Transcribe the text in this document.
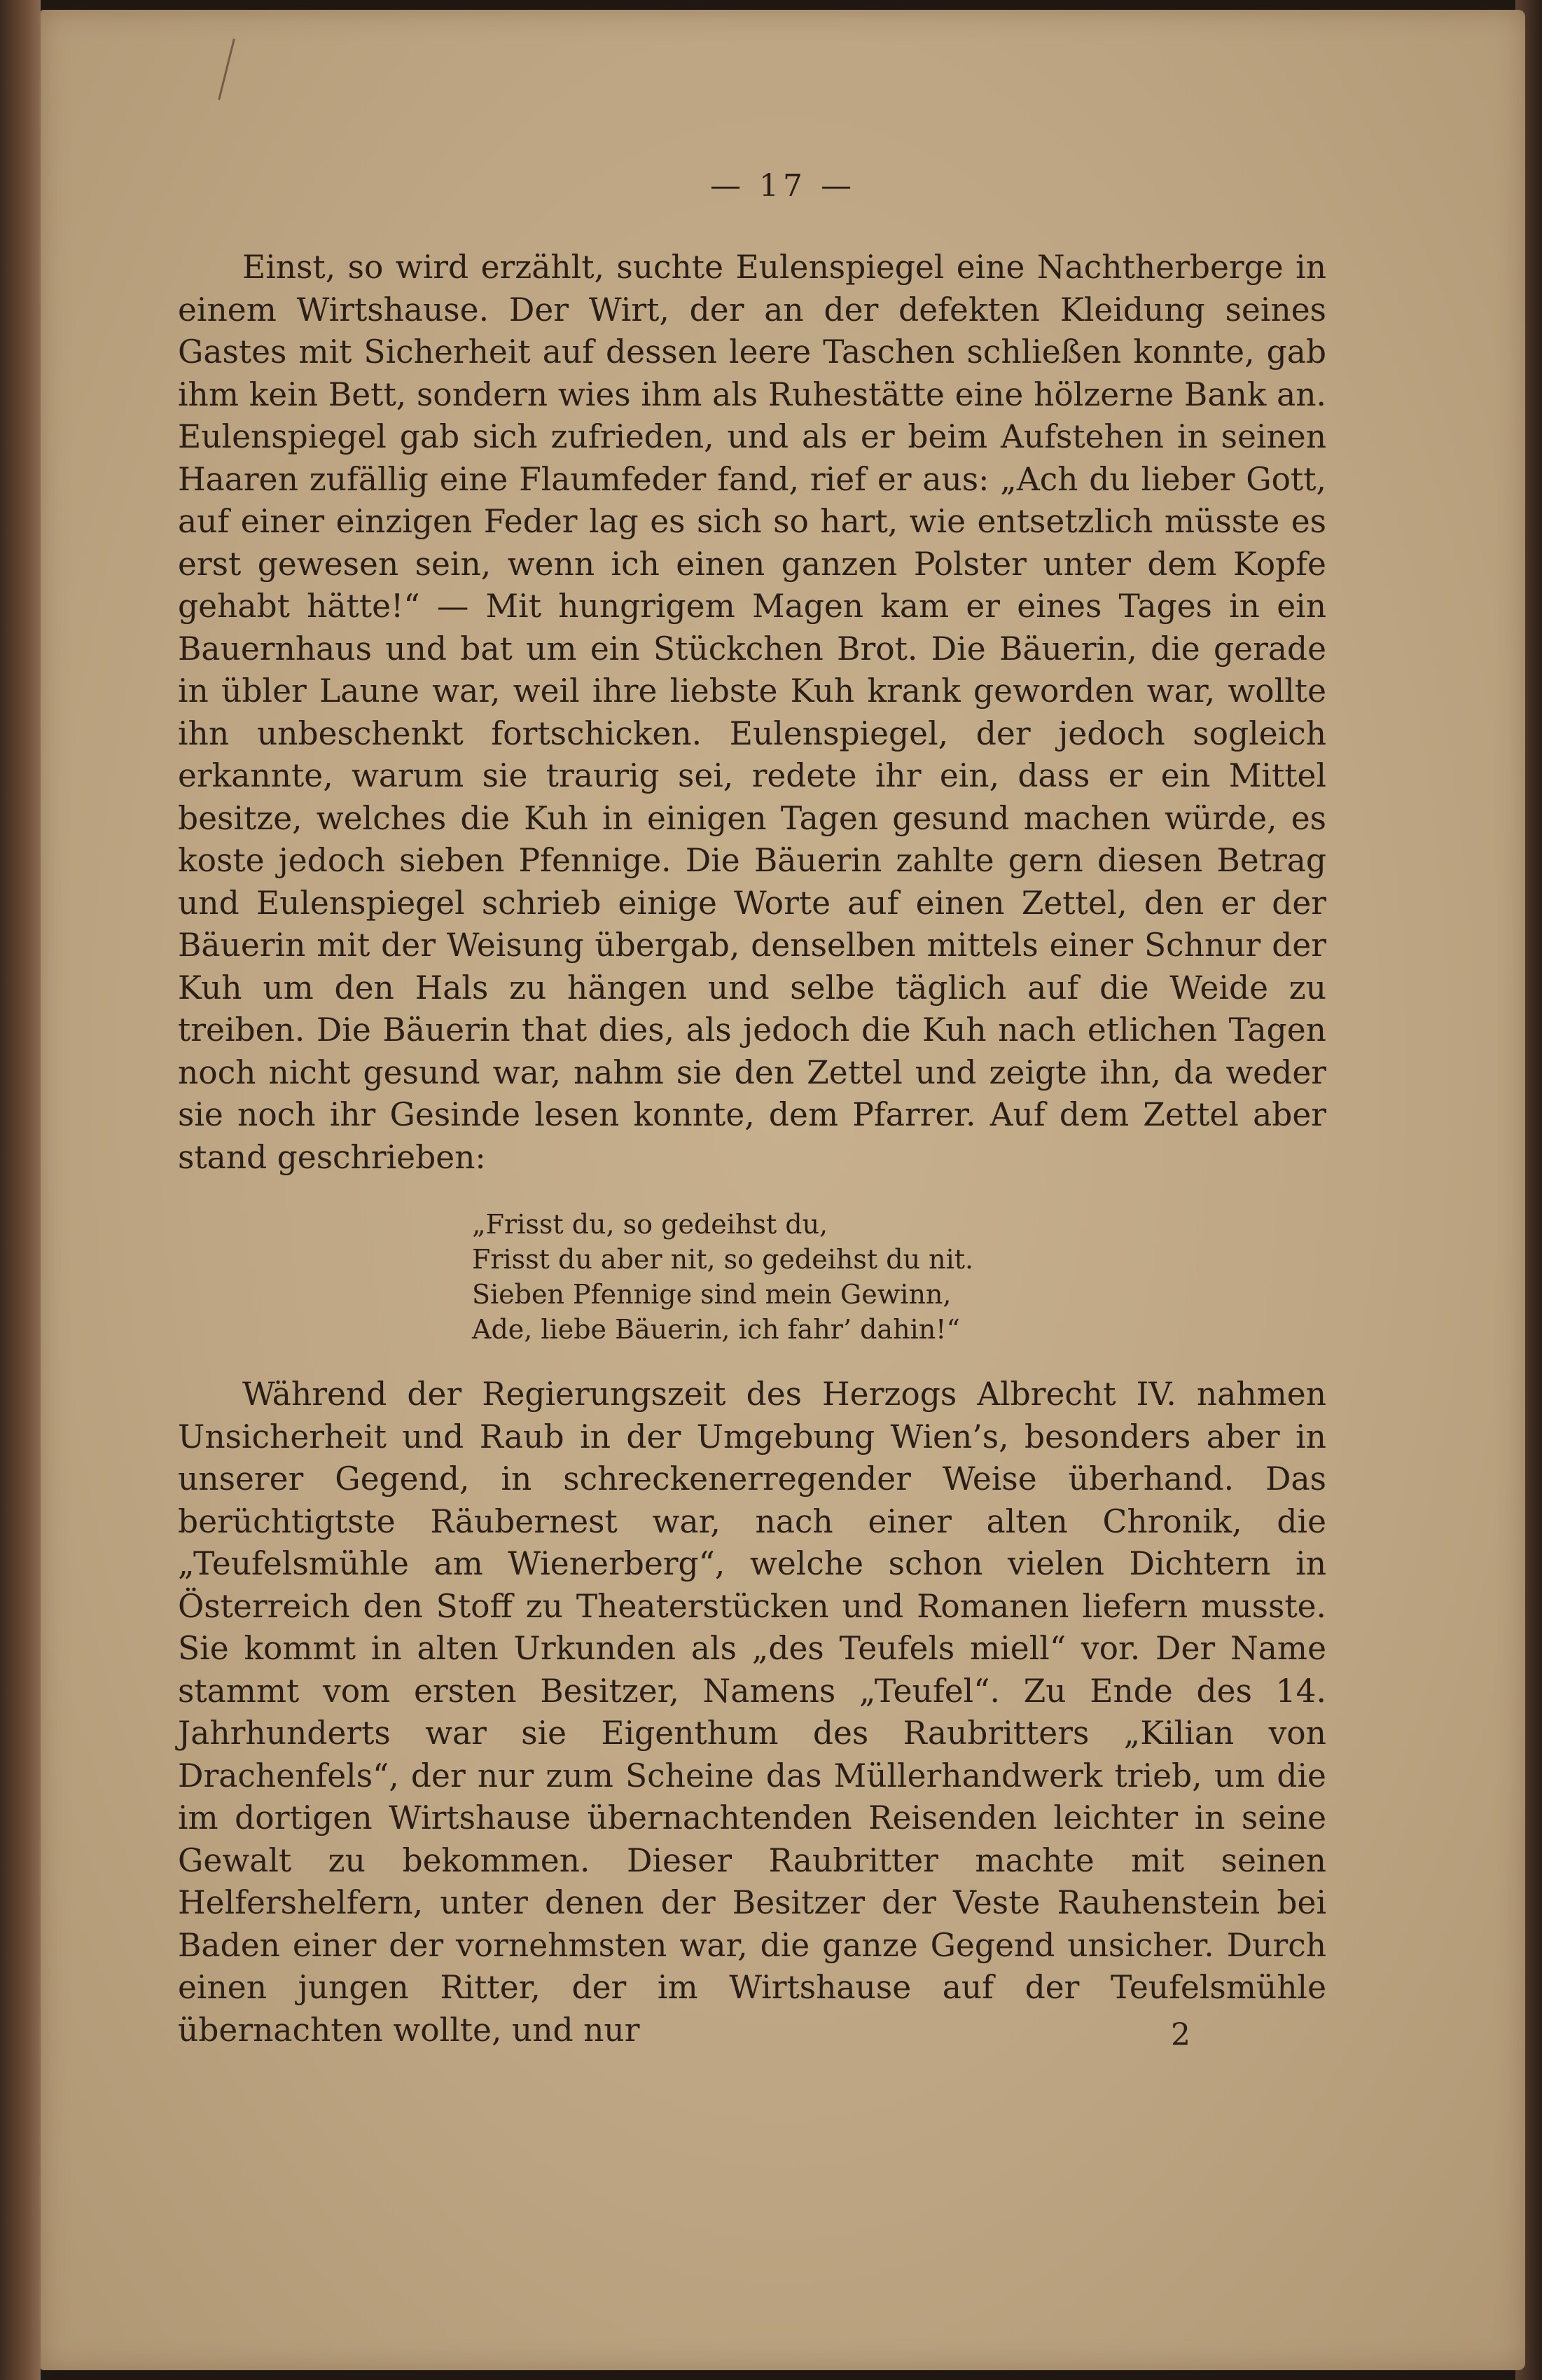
— 17 —

Einst, so wird erzählt, suchte Eulenspiegel eine Nachtherberge in einem Wirtshause. Der Wirt, der an der defekten Kleidung seines Gastes mit Sicherheit auf dessen leere Taschen schließen konnte, gab ihm kein Bett, sondern wies ihm als Ruhestätte eine hölzerne Bank an. Eulenspiegel gab sich zufrieden, und als er beim Aufstehen in seinen Haaren zufällig eine Flaumfeder fand, rief er aus: „Ach du lieber Gott, auf einer einzigen Feder lag es sich so hart, wie entsetzlich müsste es erst gewesen sein, wenn ich einen ganzen Polster unter dem Kopfe gehabt hätte!“ — Mit hungrigem Magen kam er eines Tages in ein Bauernhaus und bat um ein Stückchen Brot. Die Bäuerin, die gerade in übler Laune war, weil ihre liebste Kuh krank geworden war, wollte ihn unbeschenkt fortschicken. Eulenspiegel, der jedoch sogleich erkannte, warum sie traurig sei, redete ihr ein, dass er ein Mittel besitze, welches die Kuh in einigen Tagen gesund machen würde, es koste jedoch sieben Pfennige. Die Bäuerin zahlte gern diesen Betrag und Eulenspiegel schrieb einige Worte auf einen Zettel, den er der Bäuerin mit der Weisung übergab, denselben mittels einer Schnur der Kuh um den Hals zu hängen und selbe täglich auf die Weide zu treiben. Die Bäuerin that dies, als jedoch die Kuh nach etlichen Tagen noch nicht gesund war, nahm sie den Zettel und zeigte ihn, da weder sie noch ihr Gesinde lesen konnte, dem Pfarrer. Auf dem Zettel aber stand geschrieben:

„Frisst du, so gedeihst du,

Frisst du aber nit, so gedeihst du nit.

Sieben Pfennige sind mein Gewinn,

Ade, liebe Bäuerin, ich fahr’ dahin!“

Während der Regierungszeit des Herzogs Albrecht IV. nahmen Unsicherheit und Raub in der Umgebung Wien’s, besonders aber in unserer Gegend, in schreckenerregender Weise überhand. Das berüchtigtste Räubernest war, nach einer alten Chronik, die „Teufelsmühle am Wienerberg“, welche schon vielen Dichtern in Österreich den Stoff zu Theaterstücken und Romanen liefern musste. Sie kommt in alten Urkunden als „des Teufels miell“ vor. Der Name stammt vom ersten Besitzer, Namens „Teufel“. Zu Ende des 14. Jahrhunderts war sie Eigenthum des Raubritters „Kilian von Drachenfels“, der nur zum Scheine das Müllerhandwerk trieb, um die im dortigen Wirtshause übernachtenden Reisenden leichter in seine Gewalt zu bekommen. Dieser Raubritter machte mit seinen Helfershelfern, unter denen der Besitzer der Veste Rauhenstein bei Baden einer der vornehmsten war, die ganze Gegend unsicher. Durch einen jungen Ritter, der im Wirtshause auf der Teufelsmühle übernachten wollte, und nur	2
